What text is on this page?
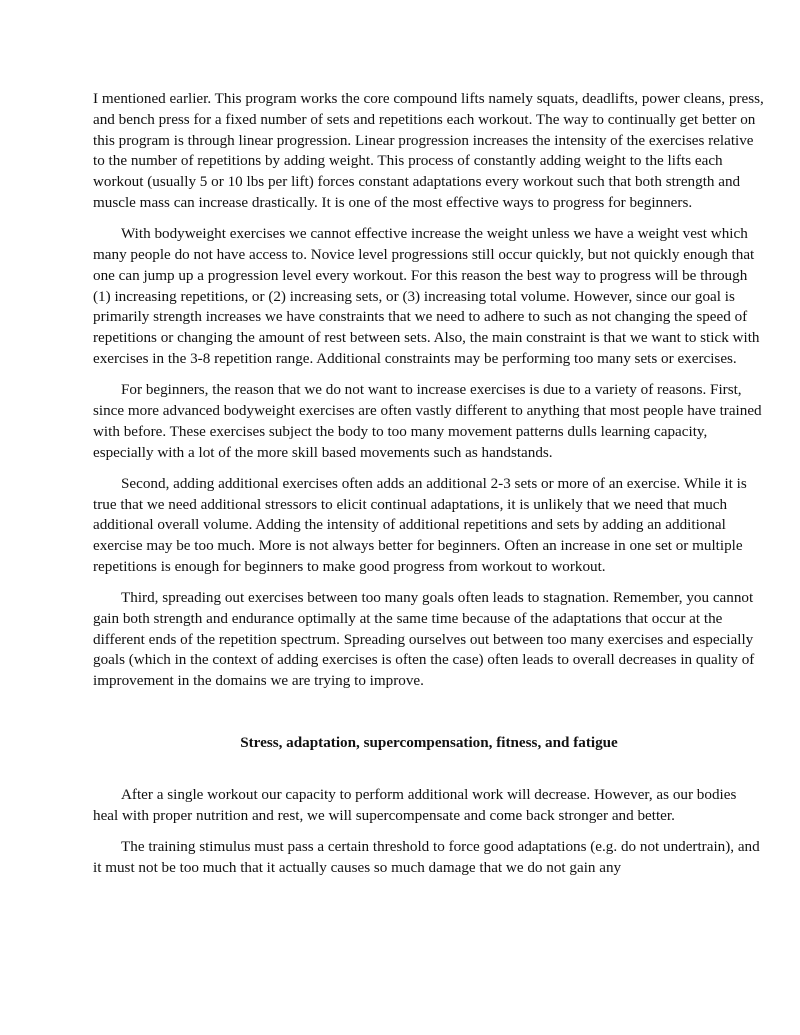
I mentioned earlier. This program works the core compound lifts namely squats, deadlifts, power cleans, press, and bench press for a fixed number of sets and repetitions each workout. The way to continually get better on this program is through linear progression. Linear progression increases the intensity of the exercises relative to the number of repetitions by adding weight. This process of constantly adding weight to the lifts each workout (usually 5 or 10 lbs per lift) forces constant adaptations every workout such that both strength and muscle mass can increase drastically. It is one of the most effective ways to progress for beginners.

With bodyweight exercises we cannot effective increase the weight unless we have a weight vest which many people do not have access to. Novice level progressions still occur quickly, but not quickly enough that one can jump up a progression level every workout. For this reason the best way to progress will be through (1) increasing repetitions, or (2) increasing sets, or (3) increasing total volume. However, since our goal is primarily strength increases we have constraints that we need to adhere to such as not changing the speed of repetitions or changing the amount of rest between sets. Also, the main constraint is that we want to stick with exercises in the 3-8 repetition range. Additional constraints may be performing too many sets or exercises.

For beginners, the reason that we do not want to increase exercises is due to a variety of reasons. First, since more advanced bodyweight exercises are often vastly different to anything that most people have trained with before. These exercises subject the body to too many movement patterns dulls learning capacity, especially with a lot of the more skill based movements such as handstands.

Second, adding additional exercises often adds an additional 2-3 sets or more of an exercise. While it is true that we need additional stressors to elicit continual adaptations, it is unlikely that we need that much additional overall volume. Adding the intensity of additional repetitions and sets by adding an additional exercise may be too much. More is not always better for beginners. Often an increase in one set or multiple repetitions is enough for beginners to make good progress from workout to workout.

Third, spreading out exercises between too many goals often leads to stagnation. Remember, you cannot gain both strength and endurance optimally at the same time because of the adaptations that occur at the different ends of the repetition spectrum. Spreading ourselves out between too many exercises and especially goals (which in the context of adding exercises is often the case) often leads to overall decreases in quality of improvement in the domains we are trying to improve.

Stress, adaptation, supercompensation, fitness, and fatigue

After a single workout our capacity to perform additional work will decrease. However, as our bodies heal with proper nutrition and rest, we will supercompensate and come back stronger and better.

The training stimulus must pass a certain threshold to force good adaptations (e.g. do not undertrain), and it must not be too much that it actually causes so much damage that we do not gain any
